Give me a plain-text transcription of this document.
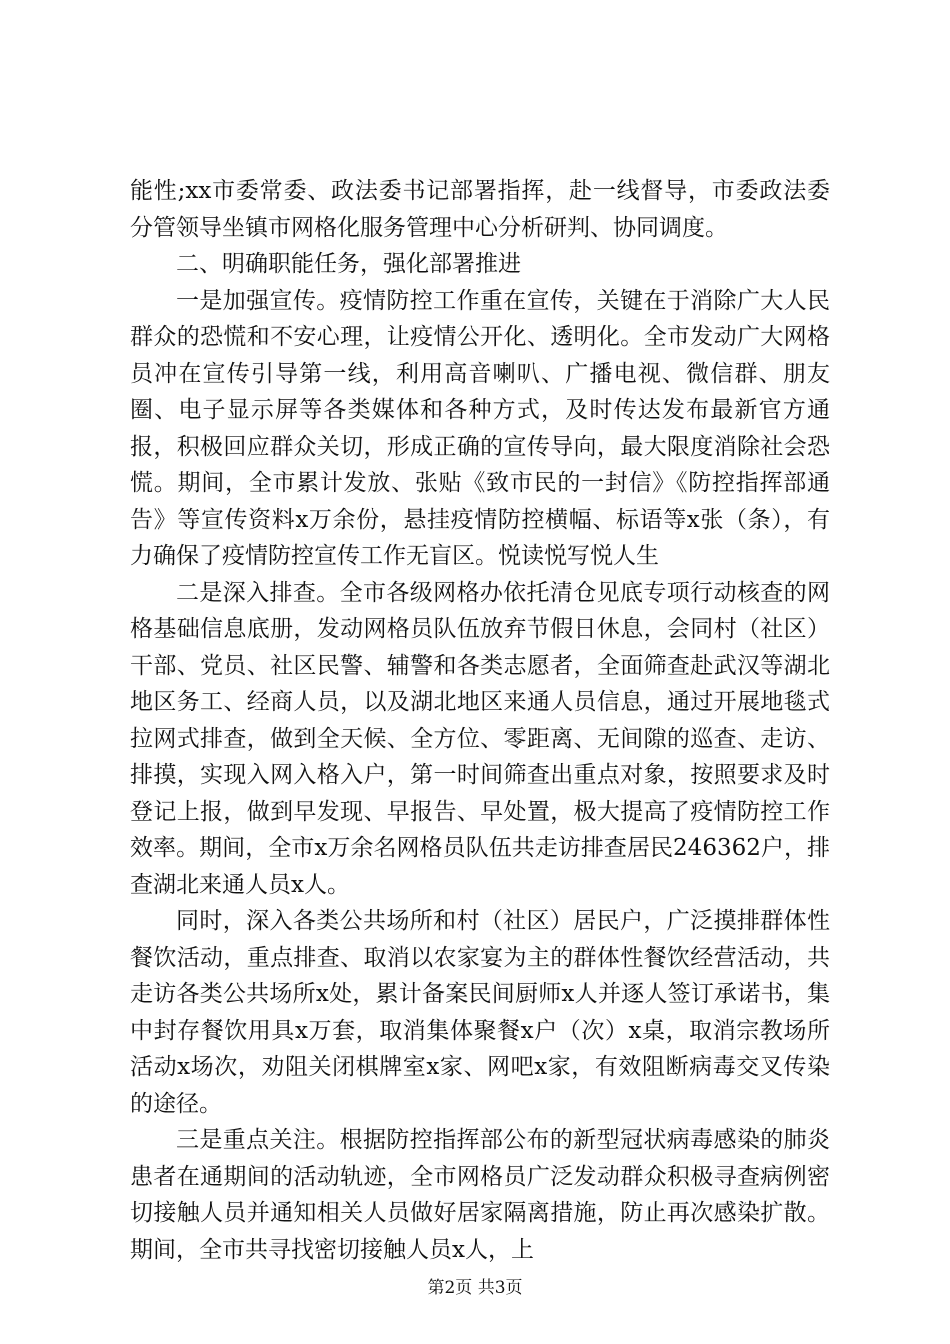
能性;xx市委常委、政法委书记部署指挥，赴一线督导，市委政法委分管领导坐镇市网格化服务管理中心分析研判、协同调度。

二、明确职能任务，强化部署推进

一是加强宣传。疫情防控工作重在宣传，关键在于消除广大人民群众的恐慌和不安心理，让疫情公开化、透明化。全市发动广大网格员冲在宣传引导第一线，利用高音喇叭、广播电视、微信群、朋友圈、电子显示屏等各类媒体和各种方式，及时传达发布最新官方通报，积极回应群众关切，形成正确的宣传导向，最大限度消除社会恐慌。期间，全市累计发放、张贴《致市民的一封信》《防控指挥部通告》等宣传资料x万余份，悬挂疫情防控横幅、标语等x张（条），有力确保了疫情防控宣传工作无盲区。悦读悦写悦人生

二是深入排查。全市各级网格办依托清仓见底专项行动核查的网格基础信息底册，发动网格员队伍放弃节假日休息，会同村（社区）干部、党员、社区民警、辅警和各类志愿者，全面筛查赴武汉等湖北地区务工、经商人员，以及湖北地区来通人员信息，通过开展地毯式拉网式排查，做到全天候、全方位、零距离、无间隙的巡查、走访、排摸，实现入网入格入户，第一时间筛查出重点对象，按照要求及时登记上报，做到早发现、早报告、早处置，极大提高了疫情防控工作效率。期间，全市x万余名网格员队伍共走访排查居民246362户，排查湖北来通人员x人。

同时，深入各类公共场所和村（社区）居民户，广泛摸排群体性餐饮活动，重点排查、取消以农家宴为主的群体性餐饮经营活动，共走访各类公共场所x处，累计备案民间厨师x人并逐人签订承诺书，集中封存餐饮用具x万套，取消集体聚餐x户（次）x桌，取消宗教场所活动x场次，劝阻关闭棋牌室x家、网吧x家，有效阻断病毒交叉传染的途径。

三是重点关注。根据防控指挥部公布的新型冠状病毒感染的肺炎患者在通期间的活动轨迹，全市网格员广泛发动群众积极寻查病例密切接触人员并通知相关人员做好居家隔离措施，防止再次感染扩散。期间，全市共寻找密切接触人员x人，上

第2页 共3页
